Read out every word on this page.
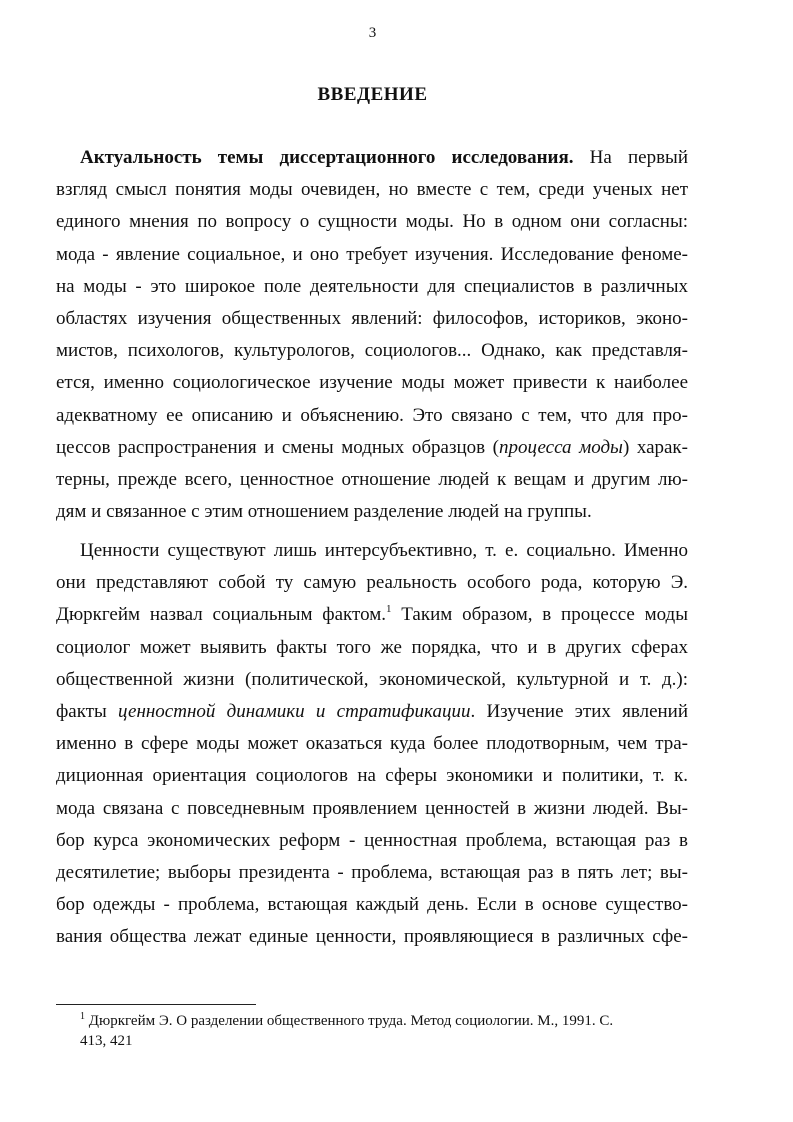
3
ВВЕДЕНИЕ
Актуальность темы диссертационного исследования. На первый
взгляд смысл понятия моды очевиден, но вместе с тем, среди ученых нет
единого мнения по вопросу о сущности моды. Но в одном они согласны:
мода - явление социальное, и оно требует изучения. Исследование феноме-
на моды - это широкое поле деятельности для специалистов в различных
областях изучения общественных явлений: философов, историков, эконо-
мистов, психологов, культурологов, социологов... Однако, как представля-
ется, именно социологическое изучение моды может привести к наиболее
адекватному ее описанию и объяснению. Это связано с тем, что для про-
цессов распространения и смены модных образцов (процесса моды) харак-
терны, прежде всего, ценностное отношение людей к вещам и другим лю-
дям и связанное с этим отношением разделение людей на группы.
Ценности существуют лишь интерсубъективно, т. е. социально. Именно
они представляют собой ту самую реальность особого рода, которую Э.
Дюркгейм назвал социальным фактом.$^1$ Таким образом, в процессе моды
социолог может выявить факты того же порядка, что и в других сферах
общественной жизни (политической, экономической, культурной и т. д.):
факты ценностной динамики и стратификации. Изучение этих явлений
именно в сфере моды может оказаться куда более плодотворным, чем тра-
диционная ориентация социологов на сферы экономики и политики, т. к.
мода связана с повседневным проявлением ценностей в жизни людей. Вы-
бор курса экономических реформ - ценностная проблема, встающая раз в
десятилетие; выборы президента - проблема, встающая раз в пять лет; вы-
бор одежды - проблема, встающая каждый день. Если в основе существо-
вания общества лежат единые ценности, проявляющиеся в различных сфе-
$^1$ Дюркгейм Э. О разделении общественного труда. Метод социологии. М., 1991. С.
413, 421
